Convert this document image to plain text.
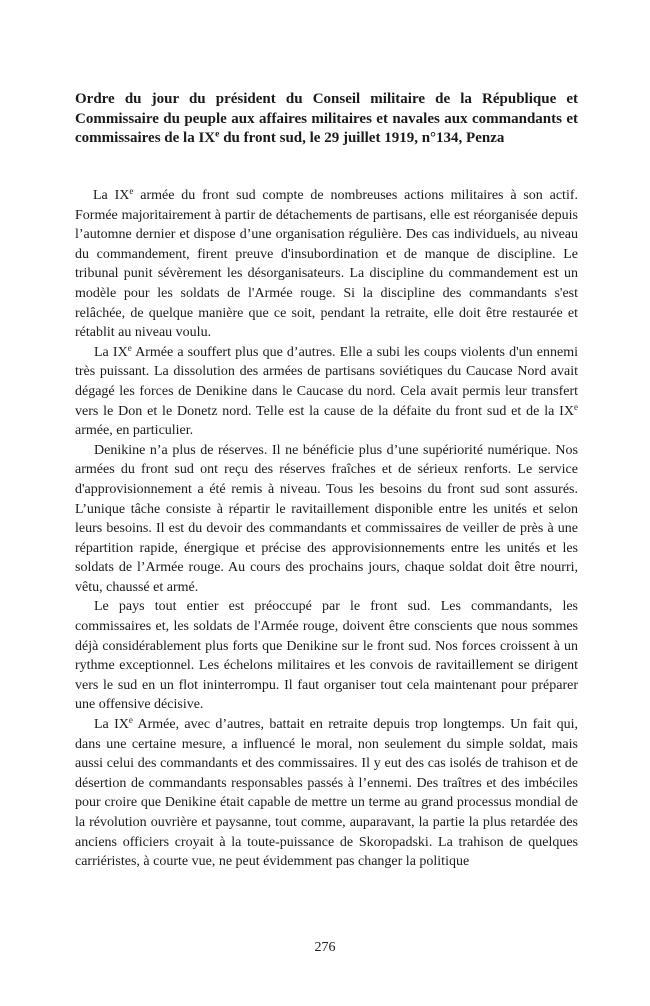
Ordre du jour du président du Conseil militaire de la République et Commissaire du peuple aux affaires militaires et navales aux commandants et commissaires de la IXe du front sud, le 29 juillet 1919, n°134, Penza

La IXe armée du front sud compte de nombreuses actions militaires à son actif. Formée majoritairement à partir de détachements de partisans, elle est réorganisée depuis l’automne dernier et dispose d’une organisation régulière. Des cas individuels, au niveau du commandement, firent preuve d'insubordination et de manque de discipline. Le tribunal punit sévèrement les désorganisateurs. La discipline du commandement est un modèle pour les soldats de l'Armée rouge. Si la discipline des commandants s'est relâchée, de quelque manière que ce soit, pendant la retraite, elle doit être restaurée et rétablit au niveau voulu.

La IXe Armée a souffert plus que d’autres. Elle a subi les coups violents d'un ennemi très puissant. La dissolution des armées de partisans soviétiques du Caucase Nord avait dégagé les forces de Denikine dans le Caucase du nord. Cela avait permis leur transfert vers le Don et le Donetz nord. Telle est la cause de la défaite du front sud et de la IXe armée, en particulier.

Denikine n’a plus de réserves. Il ne bénéficie plus d’une supériorité numérique. Nos armées du front sud ont reçu des réserves fraîches et de sérieux renforts. Le service d'approvisionnement a été remis à niveau. Tous les besoins du front sud sont assurés. L’unique tâche consiste à répartir le ravitaillement disponible entre les unités et selon leurs besoins. Il est du devoir des commandants et commissaires de veiller de près à une répartition rapide, énergique et précise des approvisionnements entre les unités et les soldats de l’Armée rouge. Au cours des prochains jours, chaque soldat doit être nourri, vêtu, chaussé et armé.

Le pays tout entier est préoccupé par le front sud. Les commandants, les commissaires et, les soldats de l'Armée rouge, doivent être conscients que nous sommes déjà considérablement plus forts que Denikine sur le front sud. Nos forces croissent à un rythme exceptionnel. Les échelons militaires et les convois de ravitaillement se dirigent vers le sud en un flot ininterrompu. Il faut organiser tout cela maintenant pour préparer une offensive décisive.

La IXe Armée, avec d’autres, battait en retraite depuis trop longtemps. Un fait qui, dans une certaine mesure, a influencé le moral, non seulement du simple soldat, mais aussi celui des commandants et des commissaires. Il y eut des cas isolés de trahison et de désertion de commandants responsables passés à l’ennemi. Des traîtres et des imbéciles pour croire que Denikine était capable de mettre un terme au grand processus mondial de la révolution ouvrière et paysanne, tout comme, auparavant, la partie la plus retardée des anciens officiers croyait à la toute-puissance de Skoropadski. La trahison de quelques carriéristes, à courte vue, ne peut évidemment pas changer la politique

276
